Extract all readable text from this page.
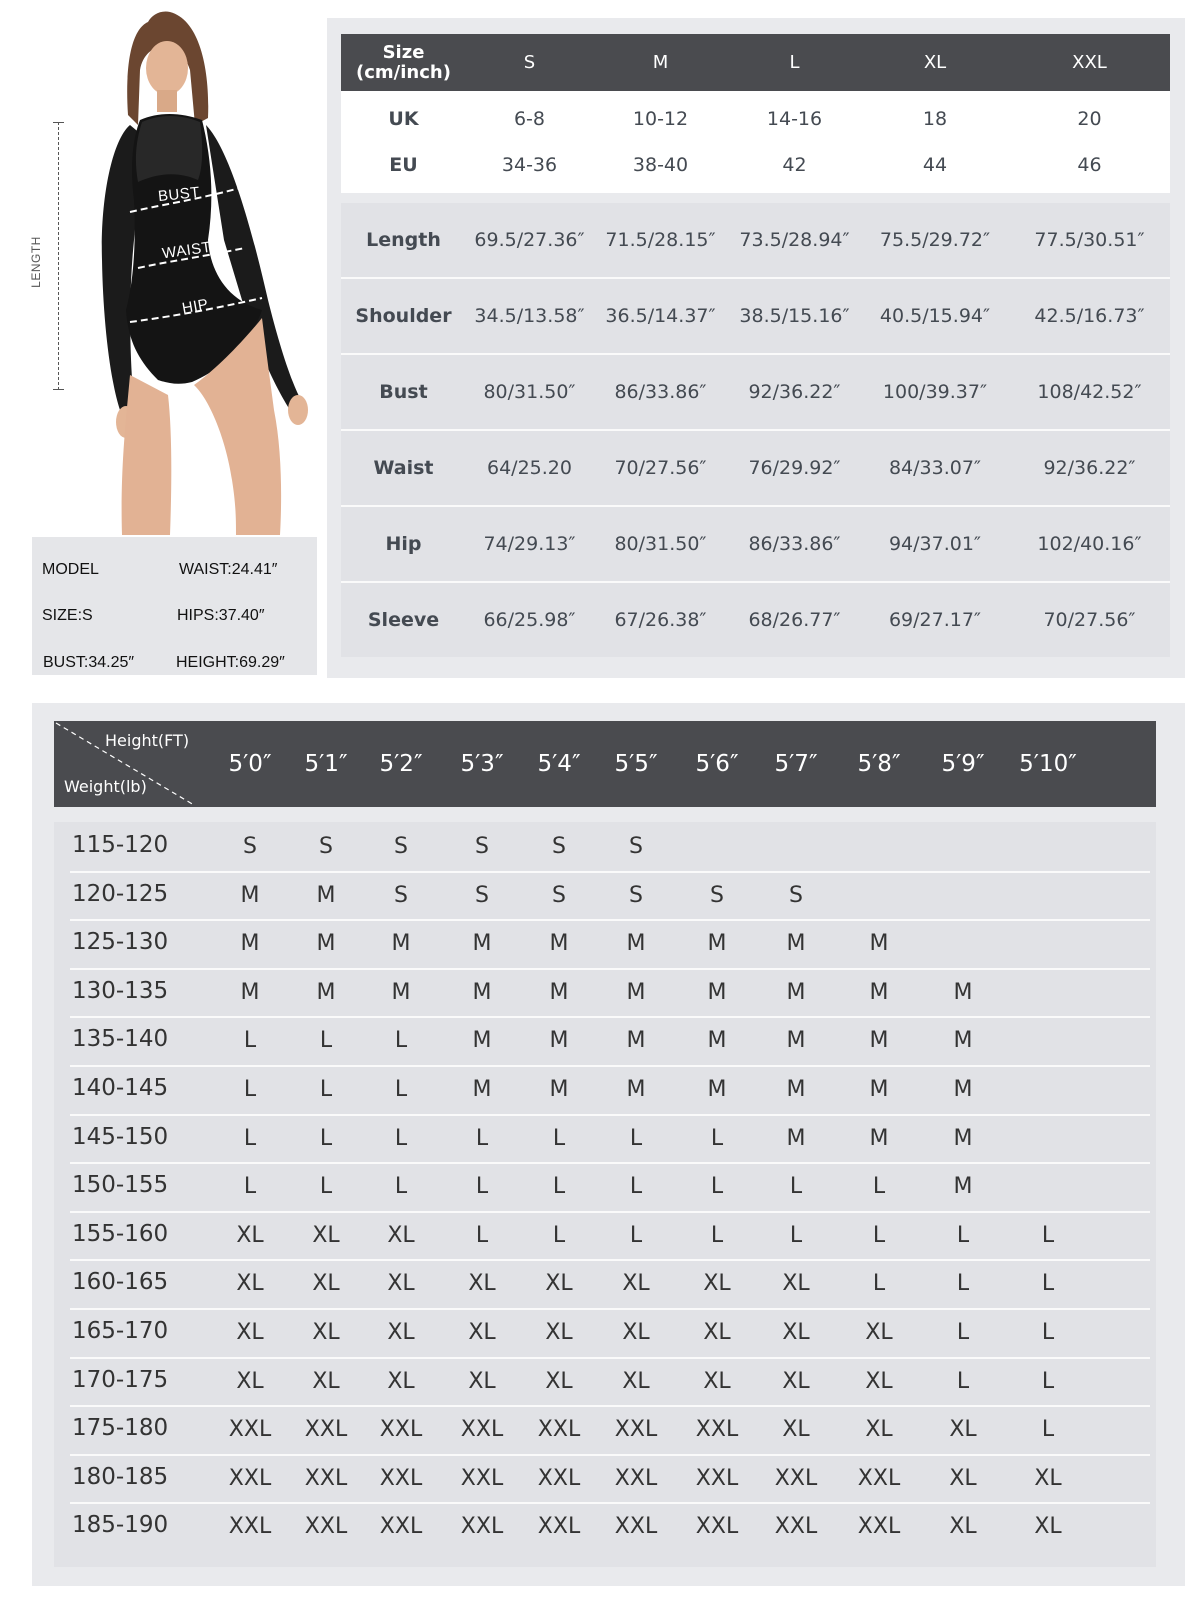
LENGTH
BUST
WAIST
HIP
MODEL
SIZE:S
BUST:34.25″
WAIST:24.41″
HIPS:37.40″
HEIGHT:69.29″
Size
(cm/inch)	S	M	L	XL	XXL
UK	6-8	10-12	14-16	18	20
EU	34-36	38-40	42	44	46
Length	69.5/27.36″	71.5/28.15″	73.5/28.94″	75.5/29.72″	77.5/30.51″
Shoulder	34.5/13.58″	36.5/14.37″	38.5/15.16″	40.5/15.94″	42.5/16.73″
Bust	80/31.50″	86/33.86″	92/36.22″	100/39.37″	108/42.52″
Waist	64/25.20	70/27.56″	76/29.92″	84/33.07″	92/36.22″
Hip	74/29.13″	80/31.50″	86/33.86″	94/37.01″	102/40.16″
Sleeve	66/25.98″	67/26.38″	68/26.77″	69/27.17″	70/27.56″
Height(FT)
Weight(lb)
5′0″ 5′1″ 5′2″ 5′3″ 5′4″ 5′5″ 5′6″ 5′7″ 5′8″ 5′9″ 5′10″
115-120	S	S	S	S	S	S
120-125	M	M	S	S	S	S	S	S
125-130	M	M	M	M	M	M	M	M	M
130-135	M	M	M	M	M	M	M	M	M	M
135-140	L	L	L	M	M	M	M	M	M	M
140-145	L	L	L	M	M	M	M	M	M	M
145-150	L	L	L	L	L	L	L	M	M	M
150-155	L	L	L	L	L	L	L	L	L	M
155-160	XL XL XL	L	L	L	L	L	L	L	L
160-165	XL XL XL XL XL XL XL XL	L	L	L
165-170	XL XL XL XL XL XL XL XL	XL	L	L
170-175	XL XL XL XL XL XL XL XL	XL	L	L
175-180	XXL XXL XXL XXL XXL XXL XXL XL	XL	XL	L
180-185	XXL XXL XXL XXL XXL XXL XXL XXL XXL XL	XL
185-190	XXL XXL XXL XXL XXL XXL XXL XXL XXL XL	XL
